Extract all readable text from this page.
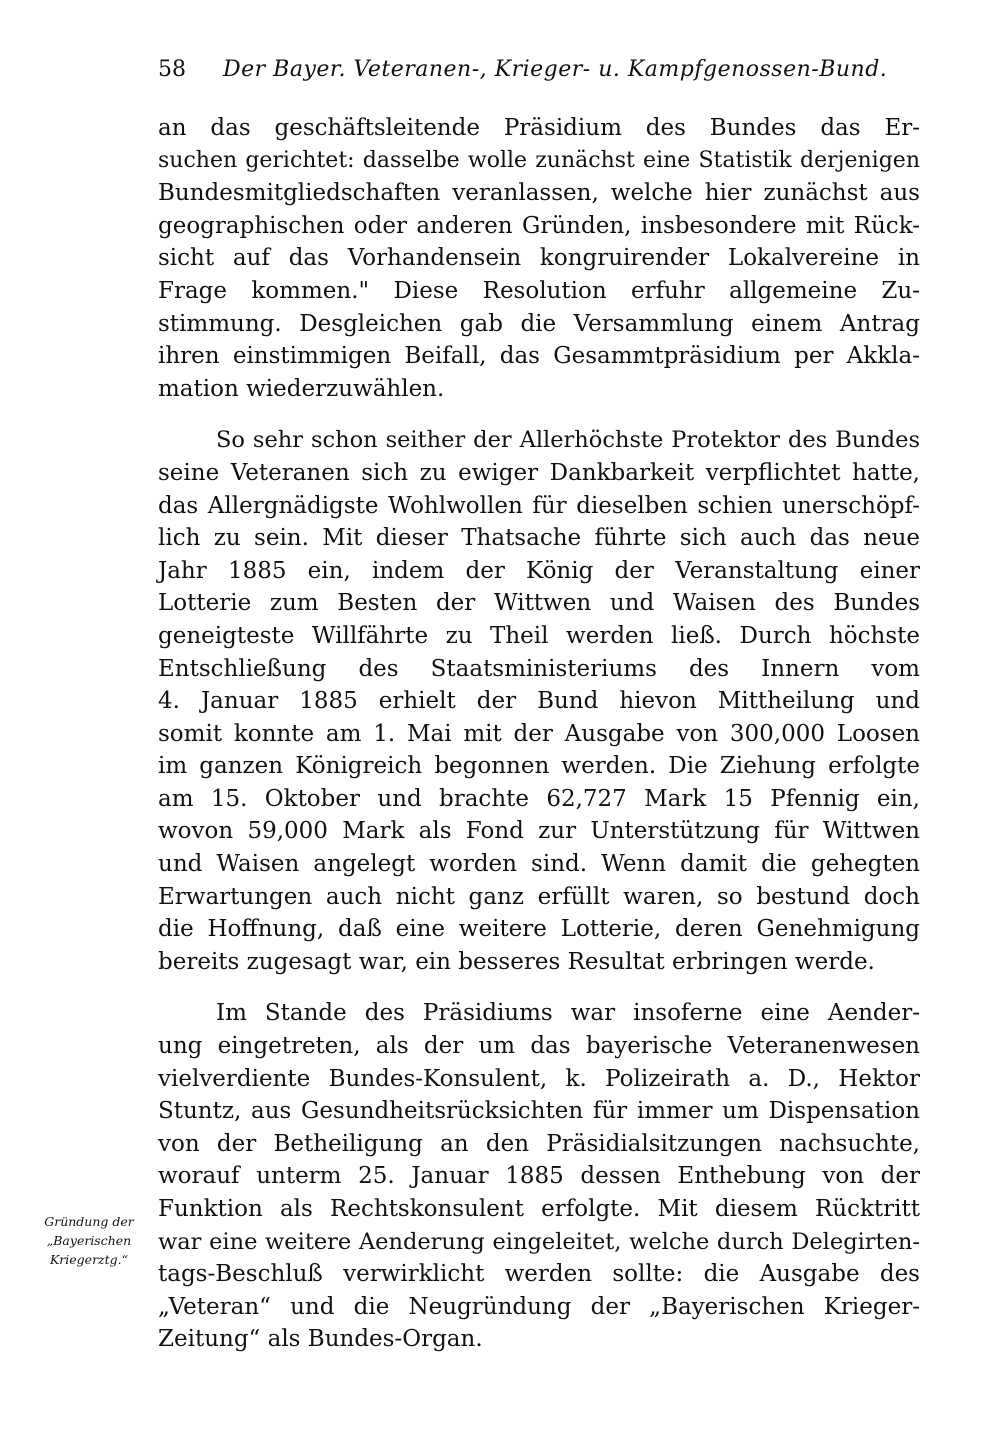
58 Der Bayer. Veteranen-, Krieger- u. Kampfgenossen-Bund.
an das geschäftsleitende Präsidium des Bundes das Er-
suchen gerichtet: dasselbe wolle zunächst eine Statistik derjenigen
Bundesmitgliedschaften veranlassen, welche hier zunächst aus
geographischen oder anderen Gründen, insbesondere mit Rück-
sicht auf das Vorhandensein kongruirender Lokalvereine in
Frage kommen." Diese Resolution erfuhr allgemeine Zu-
stimmung. Desgleichen gab die Versammlung einem Antrag
ihren einstimmigen Beifall, das Gesammtpräsidium per Akkla-
mation wiederzuwählen.
So sehr schon seither der Allerhöchste Protektor des Bundes
seine Veteranen sich zu ewiger Dankbarkeit verpflichtet hatte,
das Allergnädigste Wohlwollen für dieselben schien unerschöpf-
lich zu sein. Mit dieser Thatsache führte sich auch das neue
Jahr 1885 ein, indem der König der Veranstaltung einer
Lotterie zum Besten der Wittwen und Waisen des Bundes
geneigteste Willfährte zu Theil werden ließ. Durch höchste
Entschließung des Staatsministeriums des Innern vom
4. Januar 1885 erhielt der Bund hievon Mittheilung und
somit konnte am 1. Mai mit der Ausgabe von 300,000 Loosen
im ganzen Königreich begonnen werden. Die Ziehung erfolgte
am 15. Oktober und brachte 62,727 Mark 15 Pfennig ein,
wovon 59,000 Mark als Fond zur Unterstützung für Wittwen
und Waisen angelegt worden sind. Wenn damit die gehegten
Erwartungen auch nicht ganz erfüllt waren, so bestund doch
die Hoffnung, daß eine weitere Lotterie, deren Genehmigung
bereits zugesagt war, ein besseres Resultat erbringen werde.
Im Stande des Präsidiums war insoferne eine Aender-
ung eingetreten, als der um das bayerische Veteranenwesen
vielverdiente Bundes-Konsulent, k. Polizeirath a. D., Hektor
Stuntz, aus Gesundheitsrücksichten für immer um Dispensation
von der Betheiligung an den Präsidialsitzungen nachsuchte,
worauf unterm 25. Januar 1885 dessen Enthebung von der
Funktion als Rechtskonsulent erfolgte. Mit diesem Rücktritt
war eine weitere Aenderung eingeleitet, welche durch Delegirten-
tags-Beschluß verwirklicht werden sollte: die Ausgabe des
„Veteran“ und die Neugründung der „Bayerischen Krieger-
Zeitung“ als Bundes-Organ.
Gründung der
„Bayerischen
Kriegerztg.“
